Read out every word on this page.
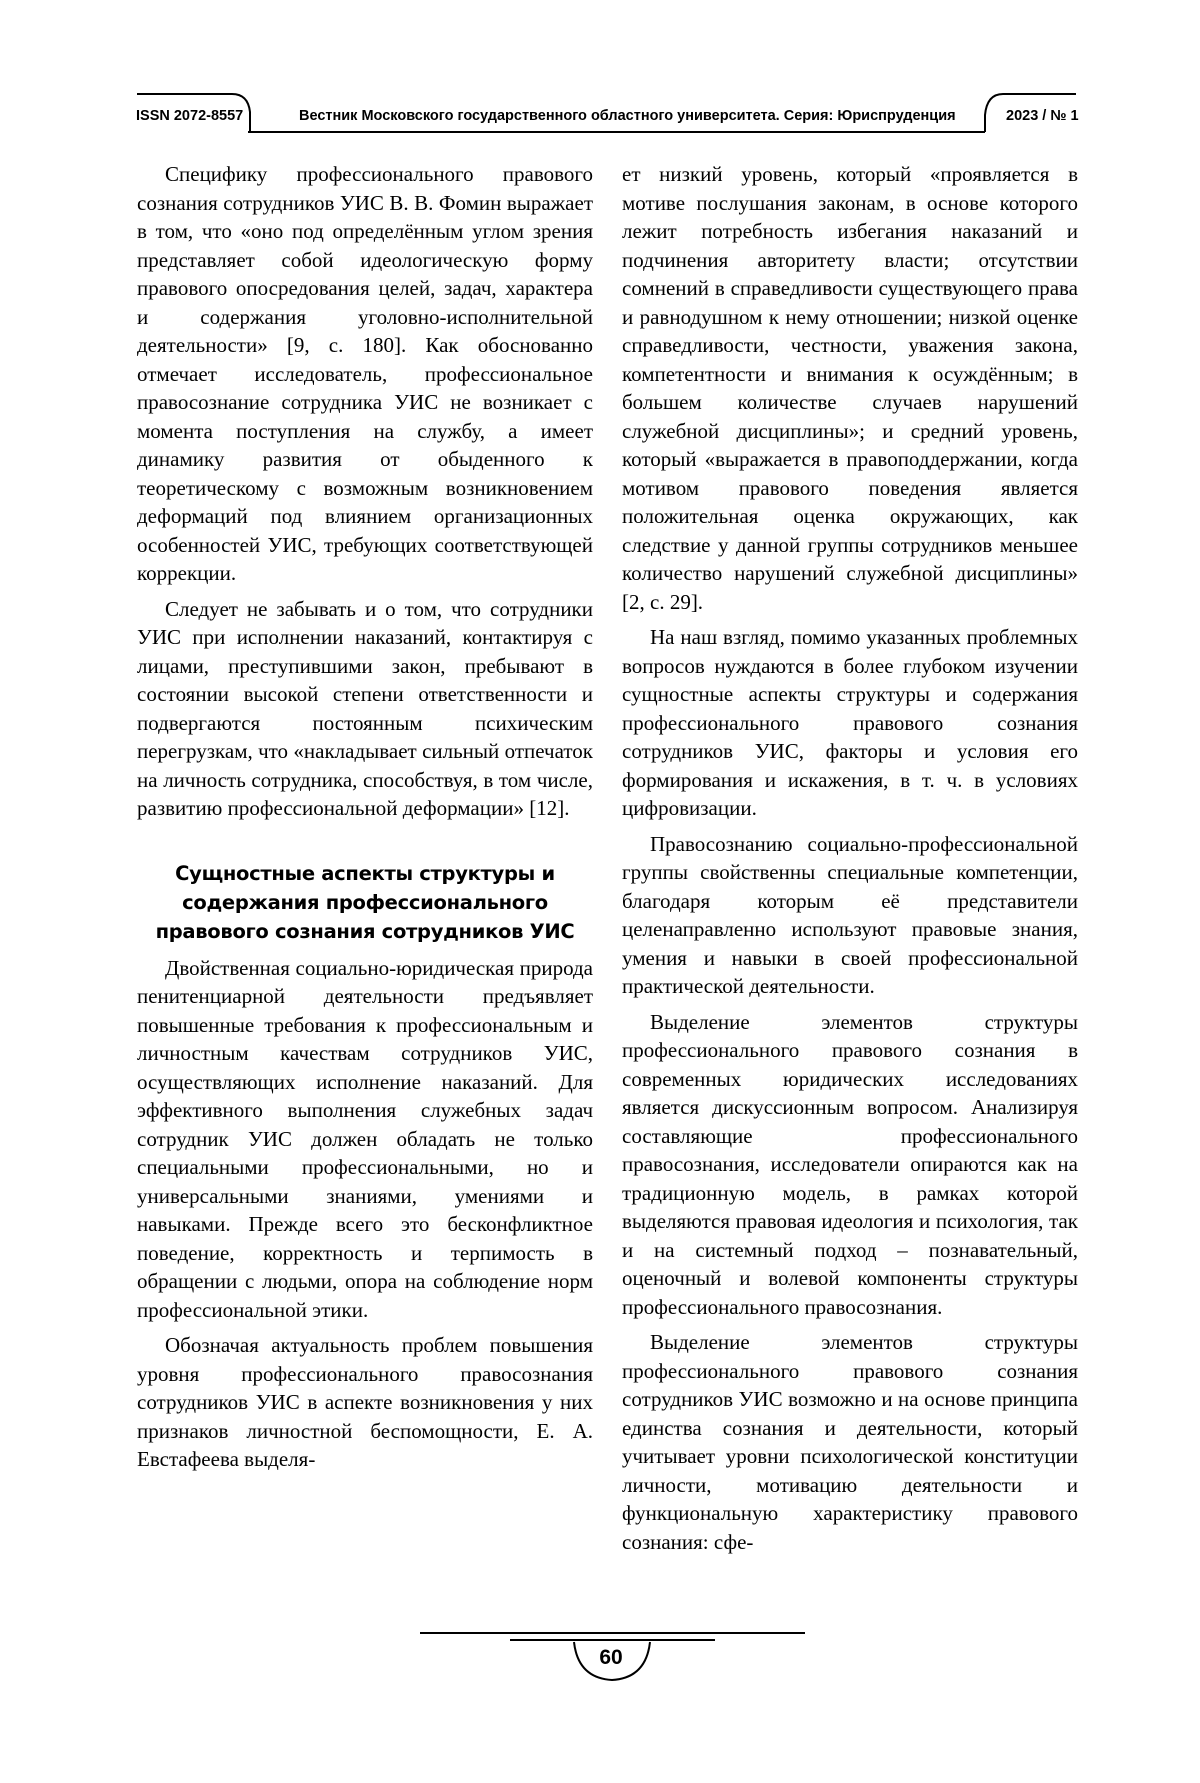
ISSN 2072-8557	Вестник Московского государственного областного университета. Серия: Юриспруденция	2023 / № 1

Специфику профессионального правового сознания сотрудников УИС В. В. Фомин выражает в том, что «оно под определённым углом зрения представляет собой идеологическую форму правового опосредования целей, задач, характера и содержания уголовно-исполнительной деятельности» [9, с. 180]. Как обоснованно отмечает исследователь, профессиональное правосознание сотрудника УИС не возникает с момента поступления на службу, а имеет динамику развития от обыденного к теоретическому с возможным возникновением деформаций под влиянием организационных особенностей УИС, требующих соответствующей коррекции.

Следует не забывать и о том, что сотрудники УИС при исполнении наказаний, контактируя с лицами, преступившими закон, пребывают в состоянии высокой степени ответственности и подвергаются постоянным психическим перегрузкам, что «накладывает сильный отпечаток на личность сотрудника, способствуя, в том числе, развитию профессиональной деформации» [12].

Сущностные аспекты структуры и содержания профессионального правового сознания сотрудников УИС

Двойственная социально-юридическая природа пенитенциарной деятельности предъявляет повышенные требования к профессиональным и личностным качествам сотрудников УИС, осуществляющих исполнение наказаний. Для эффективного выполнения служебных задач сотрудник УИС должен обладать не только специальными профессиональными, но и универсальными знаниями, умениями и навыками. Прежде всего это бесконфликтное поведение, корректность и терпимость в обращении с людьми, опора на соблюдение норм профессиональной этики.

Обозначая актуальность проблем повышения уровня профессионального правосознания сотрудников УИС в аспекте возникновения у них признаков личностной беспомощности, Е. А. Евстафеева выделя-

ет низкий уровень, который «проявляется в мотиве послушания законам, в основе которого лежит потребность избегания наказаний и подчинения авторитету власти; отсутствии сомнений в справедливости существующего права и равнодушном к нему отношении; низкой оценке справедливости, честности, уважения закона, компетентности и внимания к осуждённым; в большем количестве случаев нарушений служебной дисциплины»; и средний уровень, который «выражается в правоподдержании, когда мотивом правового поведения является положительная оценка окружающих, как следствие у данной группы сотрудников меньшее количество нарушений служебной дисциплины» [2, с. 29].

На наш взгляд, помимо указанных проблемных вопросов нуждаются в более глубоком изучении сущностные аспекты структуры и содержания профессионального правового сознания сотрудников УИС, факторы и условия его формирования и искажения, в т. ч. в условиях цифровизации.

Правосознанию социально-профессиональной группы свойственны специальные компетенции, благодаря которым её представители целенаправленно используют правовые знания, умения и навыки в своей профессиональной практической деятельности.

Выделение элементов структуры профессионального правового сознания в современных юридических исследованиях является дискуссионным вопросом. Анализируя составляющие профессионального правосознания, исследователи опираются как на традиционную модель, в рамках которой выделяются правовая идеология и психология, так и на системный подход – познавательный, оценочный и волевой компоненты структуры профессионального правосознания.

Выделение элементов структуры профессионального правового сознания сотрудников УИС возможно и на основе принципа единства сознания и деятельности, который учитывает уровни психологической конституции личности, мотивацию деятельности и функциональную характеристику правового сознания: сфе-

60
